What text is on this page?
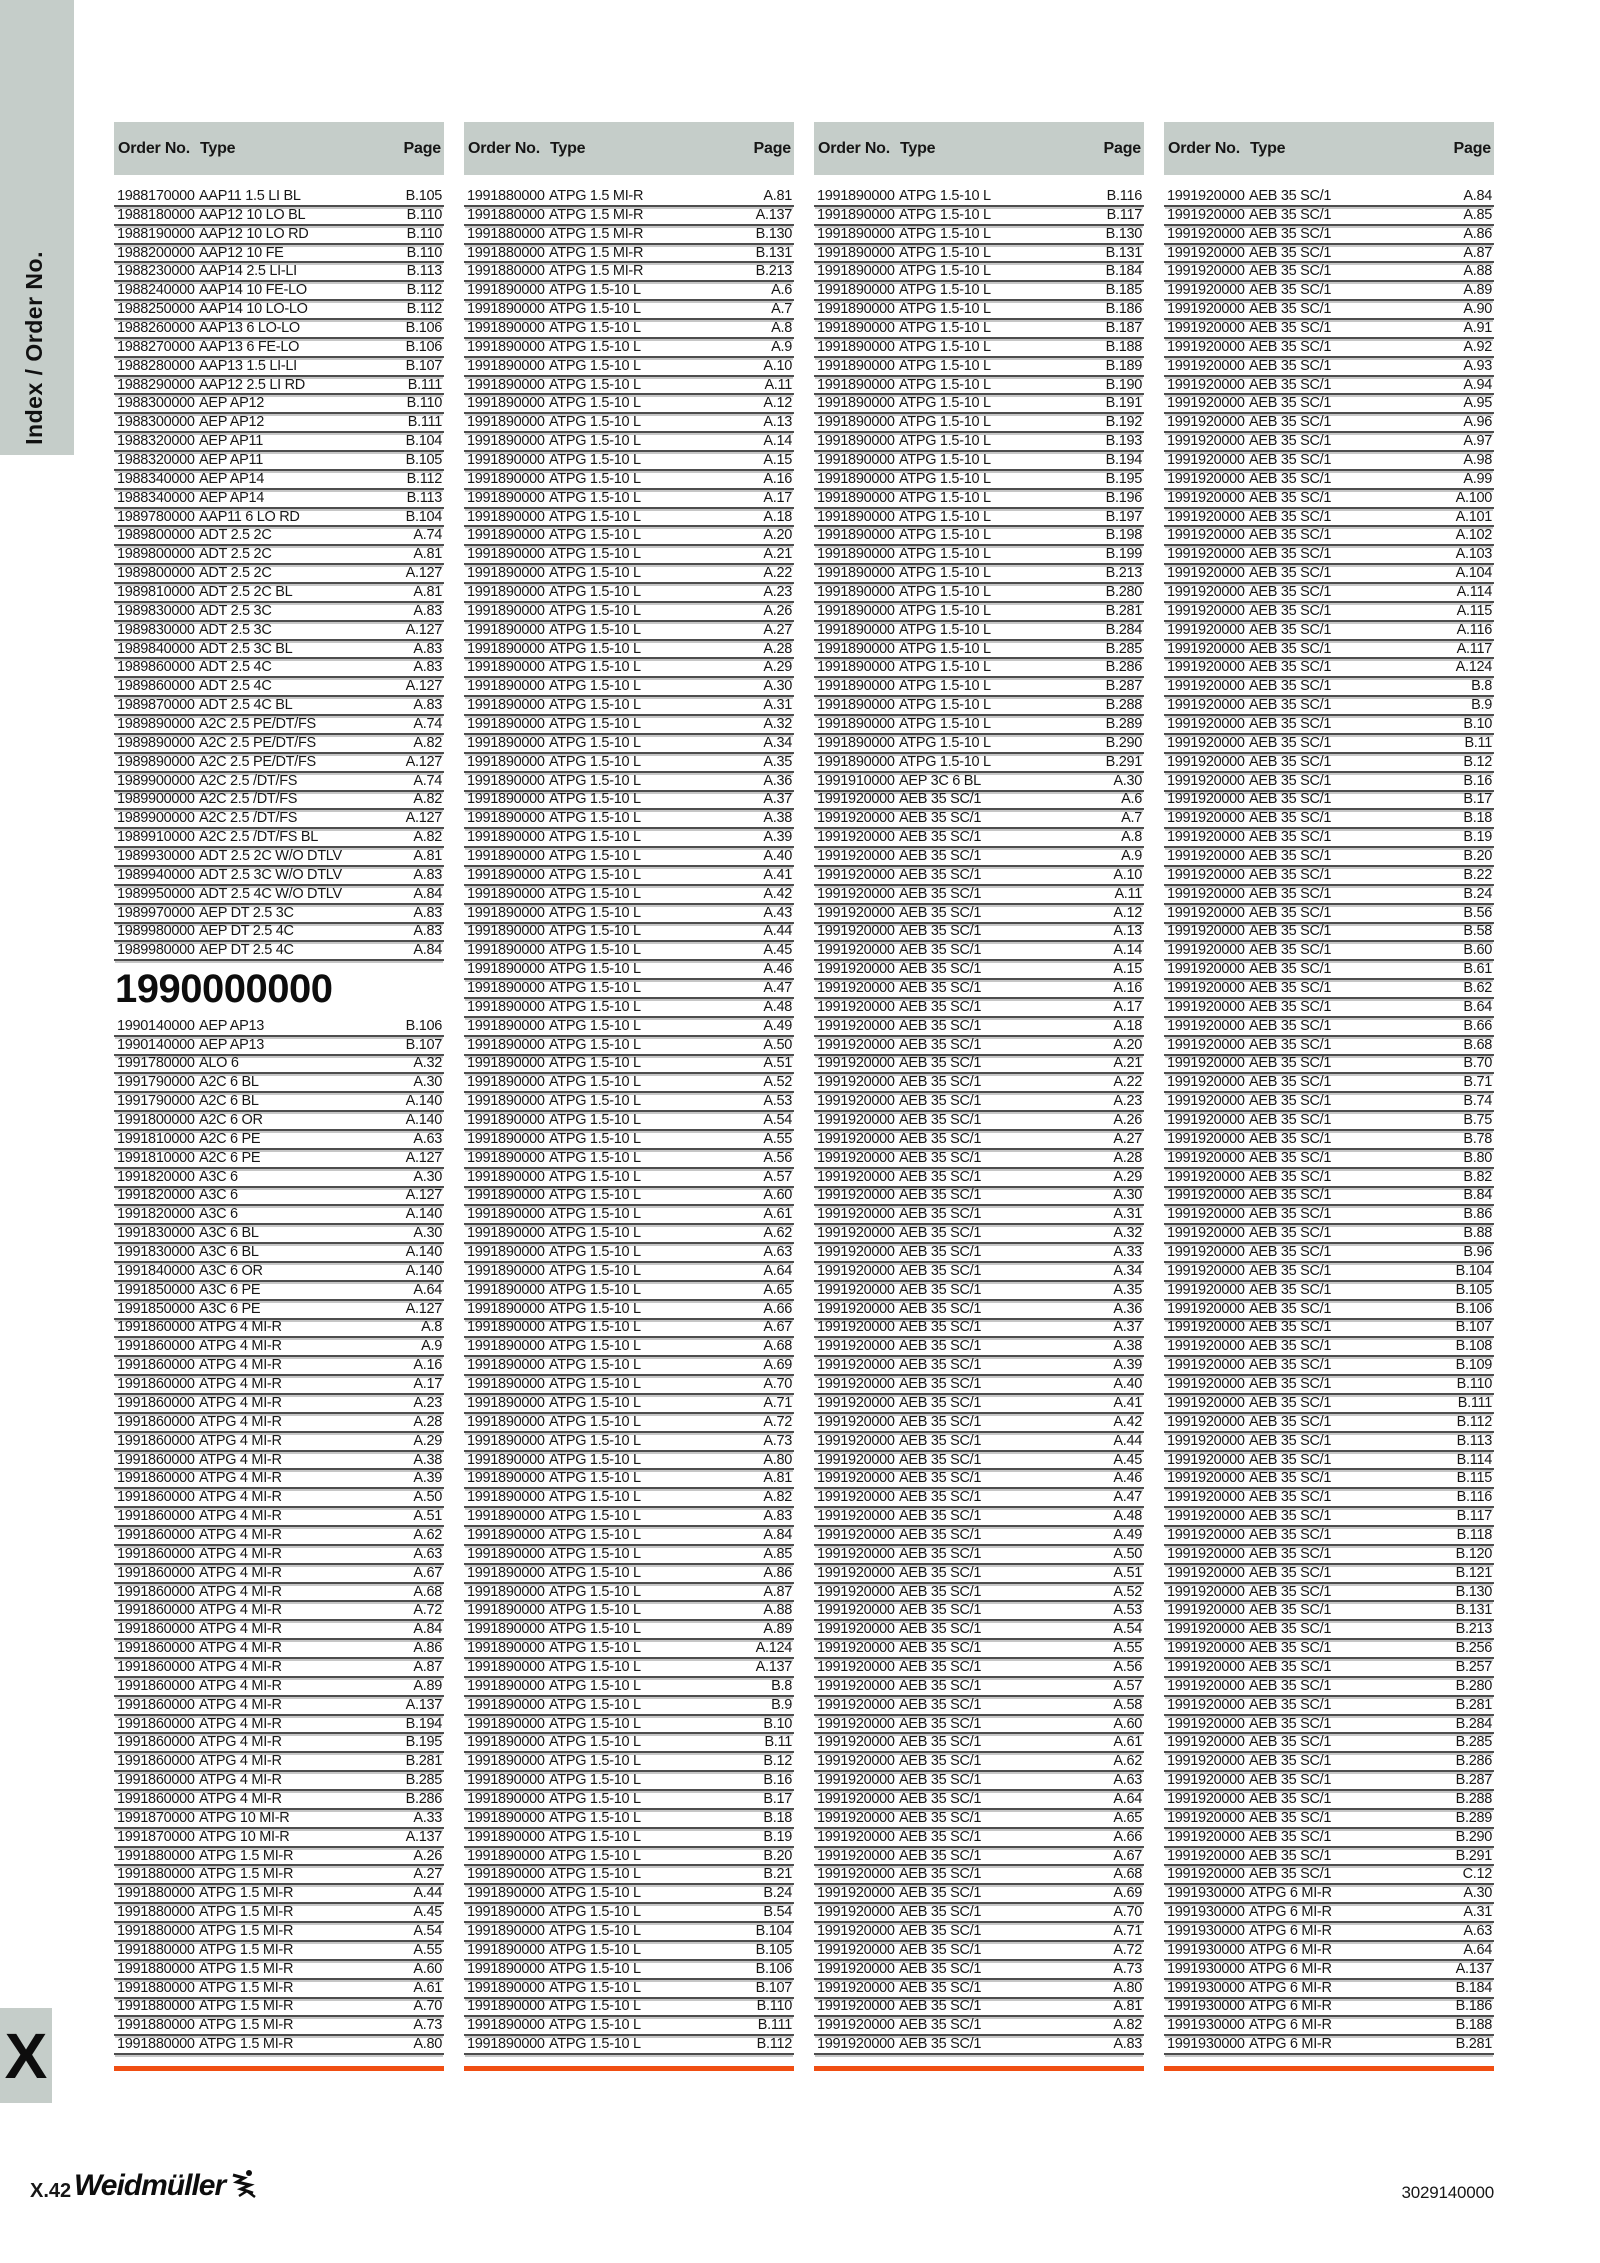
Index / Order No.
Order No. Type	Page
1988170000 AAP11 1.5 LI BL	B.105
1988180000 AAP12 10 LO BL	B.110
1988190000 AAP12 10 LO RD	B.110
1988200000 AAP12 10 FE	B.110
1988230000 AAP14 2.5 LI-LI	B.113
1988240000 AAP14 10 FE-LO	B.112
1988250000 AAP14 10 LO-LO	B.112
1988260000 AAP13 6 LO-LO	B.106
1988270000 AAP13 6 FE-LO	B.106
1988280000 AAP13 1.5 LI-LI	B.107
1988290000 AAP12 2.5 LI RD	B.111
1988300000 AEP AP12	B.110
1988300000 AEP AP12	B.111
1988320000 AEP AP11	B.104
1988320000 AEP AP11	B.105
1988340000 AEP AP14	B.112
1988340000 AEP AP14	B.113
1989780000 AAP11 6 LO RD	B.104
1989800000 ADT 2.5 2C	A.74
1989800000 ADT 2.5 2C	A.81
1989800000 ADT 2.5 2C	A.127
1989810000 ADT 2.5 2C BL	A.81
1989830000 ADT 2.5 3C	A.83
1989830000 ADT 2.5 3C	A.127
1989840000 ADT 2.5 3C BL	A.83
1989860000 ADT 2.5 4C	A.83
1989860000 ADT 2.5 4C	A.127
1989870000 ADT 2.5 4C BL	A.83
1989890000 A2C 2.5 PE/DT/FS	A.74
1989890000 A2C 2.5 PE/DT/FS	A.82
1989890000 A2C 2.5 PE/DT/FS	A.127
1989900000 A2C 2.5 /DT/FS	A.74
1989900000 A2C 2.5 /DT/FS	A.82
1989900000 A2C 2.5 /DT/FS	A.127
1989910000 A2C 2.5 /DT/FS BL	A.82
1989930000 ADT 2.5 2C W/O DTLV	A.81
1989940000 ADT 2.5 3C W/O DTLV	A.83
1989950000 ADT 2.5 4C W/O DTLV	A.84
1989970000 AEP DT 2.5 3C	A.83
1989980000 AEP DT 2.5 4C	A.83
1989980000 AEP DT 2.5 4C	A.84
1990000000
1990140000 AEP AP13	B.106
1990140000 AEP AP13	B.107
1991780000 ALO 6	A.32
1991790000 A2C 6 BL	A.30
1991790000 A2C 6 BL	A.140
1991800000 A2C 6 OR	A.140
1991810000 A2C 6 PE	A.63
1991810000 A2C 6 PE	A.127
1991820000 A3C 6	A.30
1991820000 A3C 6	A.127
1991820000 A3C 6	A.140
1991830000 A3C 6 BL	A.30
1991830000 A3C 6 BL	A.140
1991840000 A3C 6 OR	A.140
1991850000 A3C 6 PE	A.64
1991850000 A3C 6 PE	A.127
1991860000 ATPG 4 MI-R	A.8
1991860000 ATPG 4 MI-R	A.9
1991860000 ATPG 4 MI-R	A.16
1991860000 ATPG 4 MI-R	A.17
1991860000 ATPG 4 MI-R	A.23
1991860000 ATPG 4 MI-R	A.28
1991860000 ATPG 4 MI-R	A.29
1991860000 ATPG 4 MI-R	A.38
1991860000 ATPG 4 MI-R	A.39
1991860000 ATPG 4 MI-R	A.50
1991860000 ATPG 4 MI-R	A.51
1991860000 ATPG 4 MI-R	A.62
1991860000 ATPG 4 MI-R	A.63
1991860000 ATPG 4 MI-R	A.67
1991860000 ATPG 4 MI-R	A.68
1991860000 ATPG 4 MI-R	A.72
1991860000 ATPG 4 MI-R	A.84
1991860000 ATPG 4 MI-R	A.86
1991860000 ATPG 4 MI-R	A.87
1991860000 ATPG 4 MI-R	A.89
1991860000 ATPG 4 MI-R	A.137
1991860000 ATPG 4 MI-R	B.194
1991860000 ATPG 4 MI-R	B.195
1991860000 ATPG 4 MI-R	B.281
1991860000 ATPG 4 MI-R	B.285
1991860000 ATPG 4 MI-R	B.286
1991870000 ATPG 10 MI-R	A.33
1991870000 ATPG 10 MI-R	A.137
1991880000 ATPG 1.5 MI-R	A.26
1991880000 ATPG 1.5 MI-R	A.27
1991880000 ATPG 1.5 MI-R	A.44
1991880000 ATPG 1.5 MI-R	A.45
1991880000 ATPG 1.5 MI-R	A.54
1991880000 ATPG 1.5 MI-R	A.55
1991880000 ATPG 1.5 MI-R	A.60
1991880000 ATPG 1.5 MI-R	A.61
1991880000 ATPG 1.5 MI-R	A.70
1991880000 ATPG 1.5 MI-R	A.73
1991880000 ATPG 1.5 MI-R	A.80
Order No. Type	Page
1991880000 ATPG 1.5 MI-R	A.81
1991880000 ATPG 1.5 MI-R	A.137
1991880000 ATPG 1.5 MI-R	B.130
1991880000 ATPG 1.5 MI-R	B.131
1991880000 ATPG 1.5 MI-R	B.213
1991890000 ATPG 1.5-10 L	A.6
1991890000 ATPG 1.5-10 L	A.7
1991890000 ATPG 1.5-10 L	A.8
1991890000 ATPG 1.5-10 L	A.9
1991890000 ATPG 1.5-10 L	A.10
1991890000 ATPG 1.5-10 L	A.11
1991890000 ATPG 1.5-10 L	A.12
1991890000 ATPG 1.5-10 L	A.13
1991890000 ATPG 1.5-10 L	A.14
1991890000 ATPG 1.5-10 L	A.15
1991890000 ATPG 1.5-10 L	A.16
1991890000 ATPG 1.5-10 L	A.17
1991890000 ATPG 1.5-10 L	A.18
1991890000 ATPG 1.5-10 L	A.20
1991890000 ATPG 1.5-10 L	A.21
1991890000 ATPG 1.5-10 L	A.22
1991890000 ATPG 1.5-10 L	A.23
1991890000 ATPG 1.5-10 L	A.26
1991890000 ATPG 1.5-10 L	A.27
1991890000 ATPG 1.5-10 L	A.28
1991890000 ATPG 1.5-10 L	A.29
1991890000 ATPG 1.5-10 L	A.30
1991890000 ATPG 1.5-10 L	A.31
1991890000 ATPG 1.5-10 L	A.32
1991890000 ATPG 1.5-10 L	A.34
1991890000 ATPG 1.5-10 L	A.35
1991890000 ATPG 1.5-10 L	A.36
1991890000 ATPG 1.5-10 L	A.37
1991890000 ATPG 1.5-10 L	A.38
1991890000 ATPG 1.5-10 L	A.39
1991890000 ATPG 1.5-10 L	A.40
1991890000 ATPG 1.5-10 L	A.41
1991890000 ATPG 1.5-10 L	A.42
1991890000 ATPG 1.5-10 L	A.43
1991890000 ATPG 1.5-10 L	A.44
1991890000 ATPG 1.5-10 L	A.45
1991890000 ATPG 1.5-10 L	A.46
1991890000 ATPG 1.5-10 L	A.47
1991890000 ATPG 1.5-10 L	A.48
1991890000 ATPG 1.5-10 L	A.49
1991890000 ATPG 1.5-10 L	A.50
1991890000 ATPG 1.5-10 L	A.51
1991890000 ATPG 1.5-10 L	A.52
1991890000 ATPG 1.5-10 L	A.53
1991890000 ATPG 1.5-10 L	A.54
1991890000 ATPG 1.5-10 L	A.55
1991890000 ATPG 1.5-10 L	A.56
1991890000 ATPG 1.5-10 L	A.57
1991890000 ATPG 1.5-10 L	A.60
1991890000 ATPG 1.5-10 L	A.61
1991890000 ATPG 1.5-10 L	A.62
1991890000 ATPG 1.5-10 L	A.63
1991890000 ATPG 1.5-10 L	A.64
1991890000 ATPG 1.5-10 L	A.65
1991890000 ATPG 1.5-10 L	A.66
1991890000 ATPG 1.5-10 L	A.67
1991890000 ATPG 1.5-10 L	A.68
1991890000 ATPG 1.5-10 L	A.69
1991890000 ATPG 1.5-10 L	A.70
1991890000 ATPG 1.5-10 L	A.71
1991890000 ATPG 1.5-10 L	A.72
1991890000 ATPG 1.5-10 L	A.73
1991890000 ATPG 1.5-10 L	A.80
1991890000 ATPG 1.5-10 L	A.81
1991890000 ATPG 1.5-10 L	A.82
1991890000 ATPG 1.5-10 L	A.83
1991890000 ATPG 1.5-10 L	A.84
1991890000 ATPG 1.5-10 L	A.85
1991890000 ATPG 1.5-10 L	A.86
1991890000 ATPG 1.5-10 L	A.87
1991890000 ATPG 1.5-10 L	A.88
1991890000 ATPG 1.5-10 L	A.89
1991890000 ATPG 1.5-10 L	A.124
1991890000 ATPG 1.5-10 L	A.137
1991890000 ATPG 1.5-10 L	B.8
1991890000 ATPG 1.5-10 L	B.9
1991890000 ATPG 1.5-10 L	B.10
1991890000 ATPG 1.5-10 L	B.11
1991890000 ATPG 1.5-10 L	B.12
1991890000 ATPG 1.5-10 L	B.16
1991890000 ATPG 1.5-10 L	B.17
1991890000 ATPG 1.5-10 L	B.18
1991890000 ATPG 1.5-10 L	B.19
1991890000 ATPG 1.5-10 L	B.20
1991890000 ATPG 1.5-10 L	B.21
1991890000 ATPG 1.5-10 L	B.24
1991890000 ATPG 1.5-10 L	B.54
1991890000 ATPG 1.5-10 L	B.104
1991890000 ATPG 1.5-10 L	B.105
1991890000 ATPG 1.5-10 L	B.106
1991890000 ATPG 1.5-10 L	B.107
1991890000 ATPG 1.5-10 L	B.110
1991890000 ATPG 1.5-10 L	B.111
1991890000 ATPG 1.5-10 L	B.112
Order No. Type	Page
1991890000 ATPG 1.5-10 L	B.116
1991890000 ATPG 1.5-10 L	B.117
1991890000 ATPG 1.5-10 L	B.130
1991890000 ATPG 1.5-10 L	B.131
1991890000 ATPG 1.5-10 L	B.184
1991890000 ATPG 1.5-10 L	B.185
1991890000 ATPG 1.5-10 L	B.186
1991890000 ATPG 1.5-10 L	B.187
1991890000 ATPG 1.5-10 L	B.188
1991890000 ATPG 1.5-10 L	B.189
1991890000 ATPG 1.5-10 L	B.190
1991890000 ATPG 1.5-10 L	B.191
1991890000 ATPG 1.5-10 L	B.192
1991890000 ATPG 1.5-10 L	B.193
1991890000 ATPG 1.5-10 L	B.194
1991890000 ATPG 1.5-10 L	B.195
1991890000 ATPG 1.5-10 L	B.196
1991890000 ATPG 1.5-10 L	B.197
1991890000 ATPG 1.5-10 L	B.198
1991890000 ATPG 1.5-10 L	B.199
1991890000 ATPG 1.5-10 L	B.213
1991890000 ATPG 1.5-10 L	B.280
1991890000 ATPG 1.5-10 L	B.281
1991890000 ATPG 1.5-10 L	B.284
1991890000 ATPG 1.5-10 L	B.285
1991890000 ATPG 1.5-10 L	B.286
1991890000 ATPG 1.5-10 L	B.287
1991890000 ATPG 1.5-10 L	B.288
1991890000 ATPG 1.5-10 L	B.289
1991890000 ATPG 1.5-10 L	B.290
1991890000 ATPG 1.5-10 L	B.291
1991910000 AEP 3C 6 BL	A.30
1991920000 AEB 35 SC/1	A.6
1991920000 AEB 35 SC/1	A.7
1991920000 AEB 35 SC/1	A.8
1991920000 AEB 35 SC/1	A.9
1991920000 AEB 35 SC/1	A.10
1991920000 AEB 35 SC/1	A.11
1991920000 AEB 35 SC/1	A.12
1991920000 AEB 35 SC/1	A.13
1991920000 AEB 35 SC/1	A.14
1991920000 AEB 35 SC/1	A.15
1991920000 AEB 35 SC/1	A.16
1991920000 AEB 35 SC/1	A.17
1991920000 AEB 35 SC/1	A.18
1991920000 AEB 35 SC/1	A.20
1991920000 AEB 35 SC/1	A.21
1991920000 AEB 35 SC/1	A.22
1991920000 AEB 35 SC/1	A.23
1991920000 AEB 35 SC/1	A.26
1991920000 AEB 35 SC/1	A.27
1991920000 AEB 35 SC/1	A.28
1991920000 AEB 35 SC/1	A.29
1991920000 AEB 35 SC/1	A.30
1991920000 AEB 35 SC/1	A.31
1991920000 AEB 35 SC/1	A.32
1991920000 AEB 35 SC/1	A.33
1991920000 AEB 35 SC/1	A.34
1991920000 AEB 35 SC/1	A.35
1991920000 AEB 35 SC/1	A.36
1991920000 AEB 35 SC/1	A.37
1991920000 AEB 35 SC/1	A.38
1991920000 AEB 35 SC/1	A.39
1991920000 AEB 35 SC/1	A.40
1991920000 AEB 35 SC/1	A.41
1991920000 AEB 35 SC/1	A.42
1991920000 AEB 35 SC/1	A.44
1991920000 AEB 35 SC/1	A.45
1991920000 AEB 35 SC/1	A.46
1991920000 AEB 35 SC/1	A.47
1991920000 AEB 35 SC/1	A.48
1991920000 AEB 35 SC/1	A.49
1991920000 AEB 35 SC/1	A.50
1991920000 AEB 35 SC/1	A.51
1991920000 AEB 35 SC/1	A.52
1991920000 AEB 35 SC/1	A.53
1991920000 AEB 35 SC/1	A.54
1991920000 AEB 35 SC/1	A.55
1991920000 AEB 35 SC/1	A.56
1991920000 AEB 35 SC/1	A.57
1991920000 AEB 35 SC/1	A.58
1991920000 AEB 35 SC/1	A.60
1991920000 AEB 35 SC/1	A.61
1991920000 AEB 35 SC/1	A.62
1991920000 AEB 35 SC/1	A.63
1991920000 AEB 35 SC/1	A.64
1991920000 AEB 35 SC/1	A.65
1991920000 AEB 35 SC/1	A.66
1991920000 AEB 35 SC/1	A.67
1991920000 AEB 35 SC/1	A.68
1991920000 AEB 35 SC/1	A.69
1991920000 AEB 35 SC/1	A.70
1991920000 AEB 35 SC/1	A.71
1991920000 AEB 35 SC/1	A.72
1991920000 AEB 35 SC/1	A.73
1991920000 AEB 35 SC/1	A.80
1991920000 AEB 35 SC/1	A.81
1991920000 AEB 35 SC/1	A.82
1991920000 AEB 35 SC/1	A.83
Order No. Type	Page
1991920000 AEB 35 SC/1	A.84
1991920000 AEB 35 SC/1	A.85
1991920000 AEB 35 SC/1	A.86
1991920000 AEB 35 SC/1	A.87
1991920000 AEB 35 SC/1	A.88
1991920000 AEB 35 SC/1	A.89
1991920000 AEB 35 SC/1	A.90
1991920000 AEB 35 SC/1	A.91
1991920000 AEB 35 SC/1	A.92
1991920000 AEB 35 SC/1	A.93
1991920000 AEB 35 SC/1	A.94
1991920000 AEB 35 SC/1	A.95
1991920000 AEB 35 SC/1	A.96
1991920000 AEB 35 SC/1	A.97
1991920000 AEB 35 SC/1	A.98
1991920000 AEB 35 SC/1	A.99
1991920000 AEB 35 SC/1	A.100
1991920000 AEB 35 SC/1	A.101
1991920000 AEB 35 SC/1	A.102
1991920000 AEB 35 SC/1	A.103
1991920000 AEB 35 SC/1	A.104
1991920000 AEB 35 SC/1	A.114
1991920000 AEB 35 SC/1	A.115
1991920000 AEB 35 SC/1	A.116
1991920000 AEB 35 SC/1	A.117
1991920000 AEB 35 SC/1	A.124
1991920000 AEB 35 SC/1	B.8
1991920000 AEB 35 SC/1	B.9
1991920000 AEB 35 SC/1	B.10
1991920000 AEB 35 SC/1	B.11
1991920000 AEB 35 SC/1	B.12
1991920000 AEB 35 SC/1	B.16
1991920000 AEB 35 SC/1	B.17
1991920000 AEB 35 SC/1	B.18
1991920000 AEB 35 SC/1	B.19
1991920000 AEB 35 SC/1	B.20
1991920000 AEB 35 SC/1	B.22
1991920000 AEB 35 SC/1	B.24
1991920000 AEB 35 SC/1	B.56
1991920000 AEB 35 SC/1	B.58
1991920000 AEB 35 SC/1	B.60
1991920000 AEB 35 SC/1	B.61
1991920000 AEB 35 SC/1	B.62
1991920000 AEB 35 SC/1	B.64
1991920000 AEB 35 SC/1	B.66
1991920000 AEB 35 SC/1	B.68
1991920000 AEB 35 SC/1	B.70
1991920000 AEB 35 SC/1	B.71
1991920000 AEB 35 SC/1	B.74
1991920000 AEB 35 SC/1	B.75
1991920000 AEB 35 SC/1	B.78
1991920000 AEB 35 SC/1	B.80
1991920000 AEB 35 SC/1	B.82
1991920000 AEB 35 SC/1	B.84
1991920000 AEB 35 SC/1	B.86
1991920000 AEB 35 SC/1	B.88
1991920000 AEB 35 SC/1	B.96
1991920000 AEB 35 SC/1	B.104
1991920000 AEB 35 SC/1	B.105
1991920000 AEB 35 SC/1	B.106
1991920000 AEB 35 SC/1	B.107
1991920000 AEB 35 SC/1	B.108
1991920000 AEB 35 SC/1	B.109
1991920000 AEB 35 SC/1	B.110
1991920000 AEB 35 SC/1	B.111
1991920000 AEB 35 SC/1	B.112
1991920000 AEB 35 SC/1	B.113
1991920000 AEB 35 SC/1	B.114
1991920000 AEB 35 SC/1	B.115
1991920000 AEB 35 SC/1	B.116
1991920000 AEB 35 SC/1	B.117
1991920000 AEB 35 SC/1	B.118
1991920000 AEB 35 SC/1	B.120
1991920000 AEB 35 SC/1	B.121
1991920000 AEB 35 SC/1	B.130
1991920000 AEB 35 SC/1	B.131
1991920000 AEB 35 SC/1	B.213
1991920000 AEB 35 SC/1	B.256
1991920000 AEB 35 SC/1	B.257
1991920000 AEB 35 SC/1	B.280
1991920000 AEB 35 SC/1	B.281
1991920000 AEB 35 SC/1	B.284
1991920000 AEB 35 SC/1	B.285
1991920000 AEB 35 SC/1	B.286
1991920000 AEB 35 SC/1	B.287
1991920000 AEB 35 SC/1	B.288
1991920000 AEB 35 SC/1	B.289
1991920000 AEB 35 SC/1	B.290
1991920000 AEB 35 SC/1	B.291
1991920000 AEB 35 SC/1	C.12
1991930000 ATPG 6 MI-R	A.30
1991930000 ATPG 6 MI-R	A.31
1991930000 ATPG 6 MI-R	A.63
1991930000 ATPG 6 MI-R	A.64
1991930000 ATPG 6 MI-R	A.137
1991930000 ATPG 6 MI-R	B.184
1991930000 ATPG 6 MI-R	B.186
1991930000 ATPG 6 MI-R	B.188
1991930000 ATPG 6 MI-R	B.281
X
X.42 Weidmüller	3029140000
